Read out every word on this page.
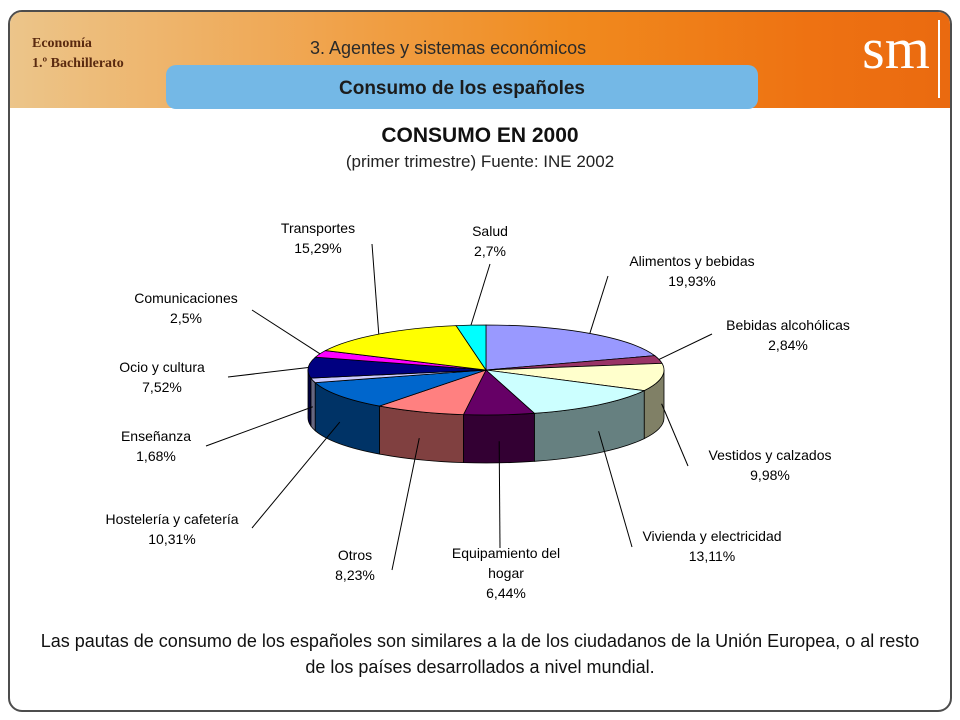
Economía
1.º Bachillerato
3. Agentes y sistemas económicos	sm
Consumo de los españoles
CONSUMO EN 2000
(primer trimestre) Fuente: INE 2002
Alimentos y bebidas
19,93%
Bebidas alcohólicas
2,84%
Vestidos y calzados
9,98%
Vivienda y electricidad
13,11%
Equipamiento del
hogar
6,44%
Otros
8,23%
Hostelería y cafetería
10,31%
Enseñanza
1,68%
Ocio y cultura
7,52%
Comunicaciones
2,5%
Transportes
15,29%
Salud
2,7%
Las pautas de consumo de los españoles son similares a la de los ciudadanos de la Unión Europea, o al resto de los países desarrollados a nivel mundial.
